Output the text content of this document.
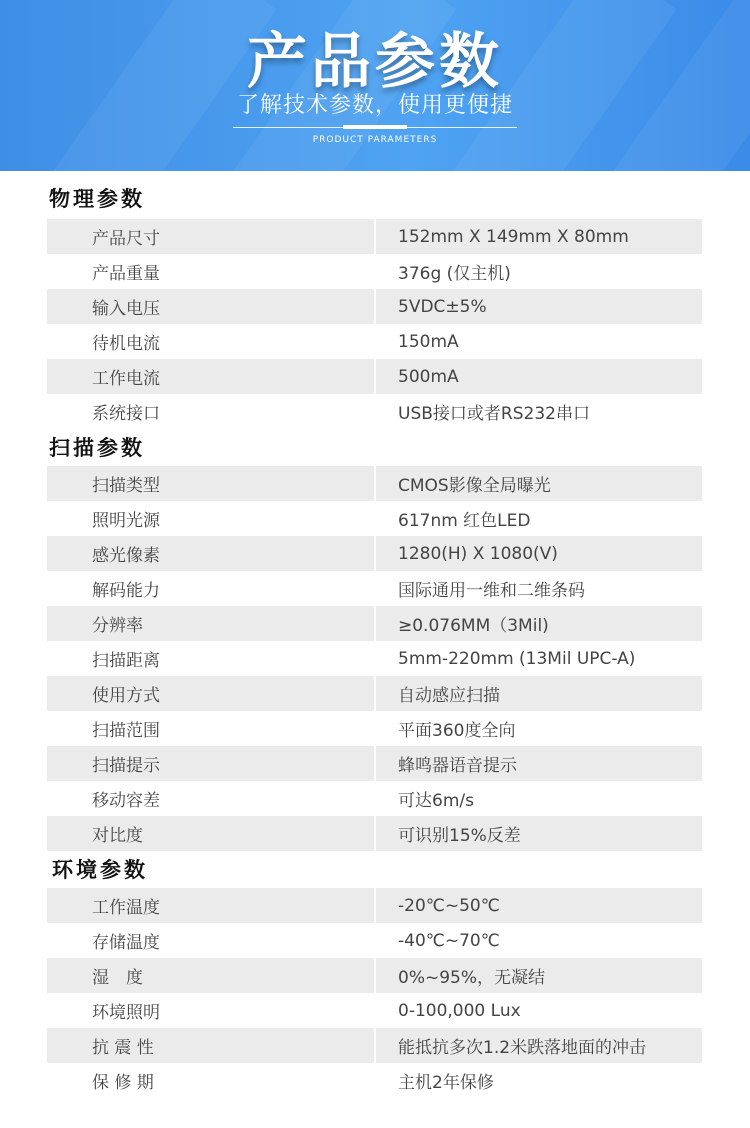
产品参数
了解技术参数，使用更便捷
PRODUCT PARAMETERS
物理参数
产品尺寸	152mm X 149mm X 80mm
产品重量	376g (仅主机)
输入电压	5VDC±5%
待机电流	150mA
工作电流	500mA
系统接口	USB接口或者RS232串口
扫描参数
扫描类型	CMOS影像全局曝光
照明光源	617nm 红色LED
感光像素	1280(H) X 1080(V)
解码能力	国际通用一维和二维条码
分辨率	≥0.076MM（3Mil)
扫描距离	5mm-220mm (13Mil UPC-A)
使用方式	自动感应扫描
扫描范围	平面360度全向
扫描提示	蜂鸣器语音提示
移动容差	可达6m/s
对比度	可识别15%反差
环境参数
工作温度	-20℃~50℃
存储温度	-40℃~70℃
湿　度	0%~95%，无凝结
环境照明	0-100,000 Lux
抗 震 性	能抵抗多次1.2米跌落地面的冲击
保 修 期	主机2年保修
